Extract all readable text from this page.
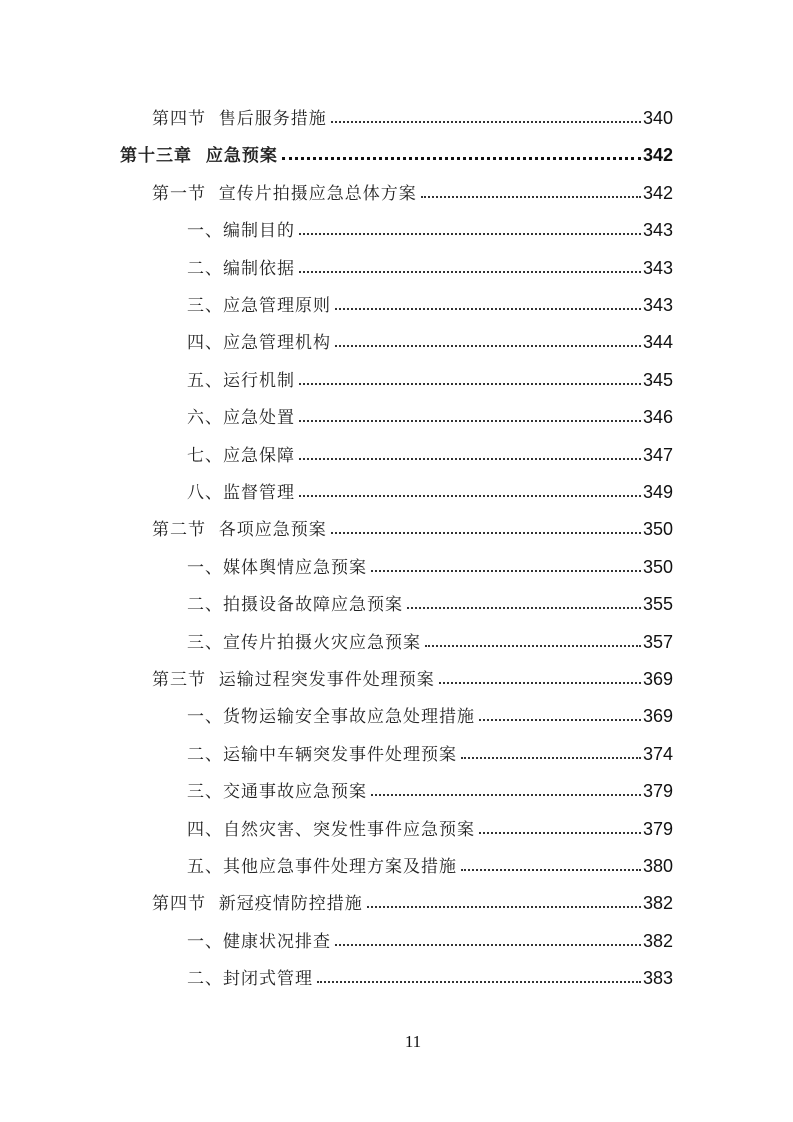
第四节  售后服务措施	340
第十三章  应急预案	342
第一节  宣传片拍摄应急总体方案	342
一、编制目的	343
二、编制依据	343
三、应急管理原则	343
四、应急管理机构	344
五、运行机制	345
六、应急处置	346
七、应急保障	347
八、监督管理	349
第二节  各项应急预案	350
一、媒体舆情应急预案	350
二、拍摄设备故障应急预案	355
三、宣传片拍摄火灾应急预案	357
第三节  运输过程突发事件处理预案	369
一、货物运输安全事故应急处理措施	369
二、运输中车辆突发事件处理预案	374
三、交通事故应急预案	379
四、自然灾害、突发性事件应急预案	379
五、其他应急事件处理方案及措施	380
第四节  新冠疫情防控措施	382
一、健康状况排查	382
二、封闭式管理	383
11
